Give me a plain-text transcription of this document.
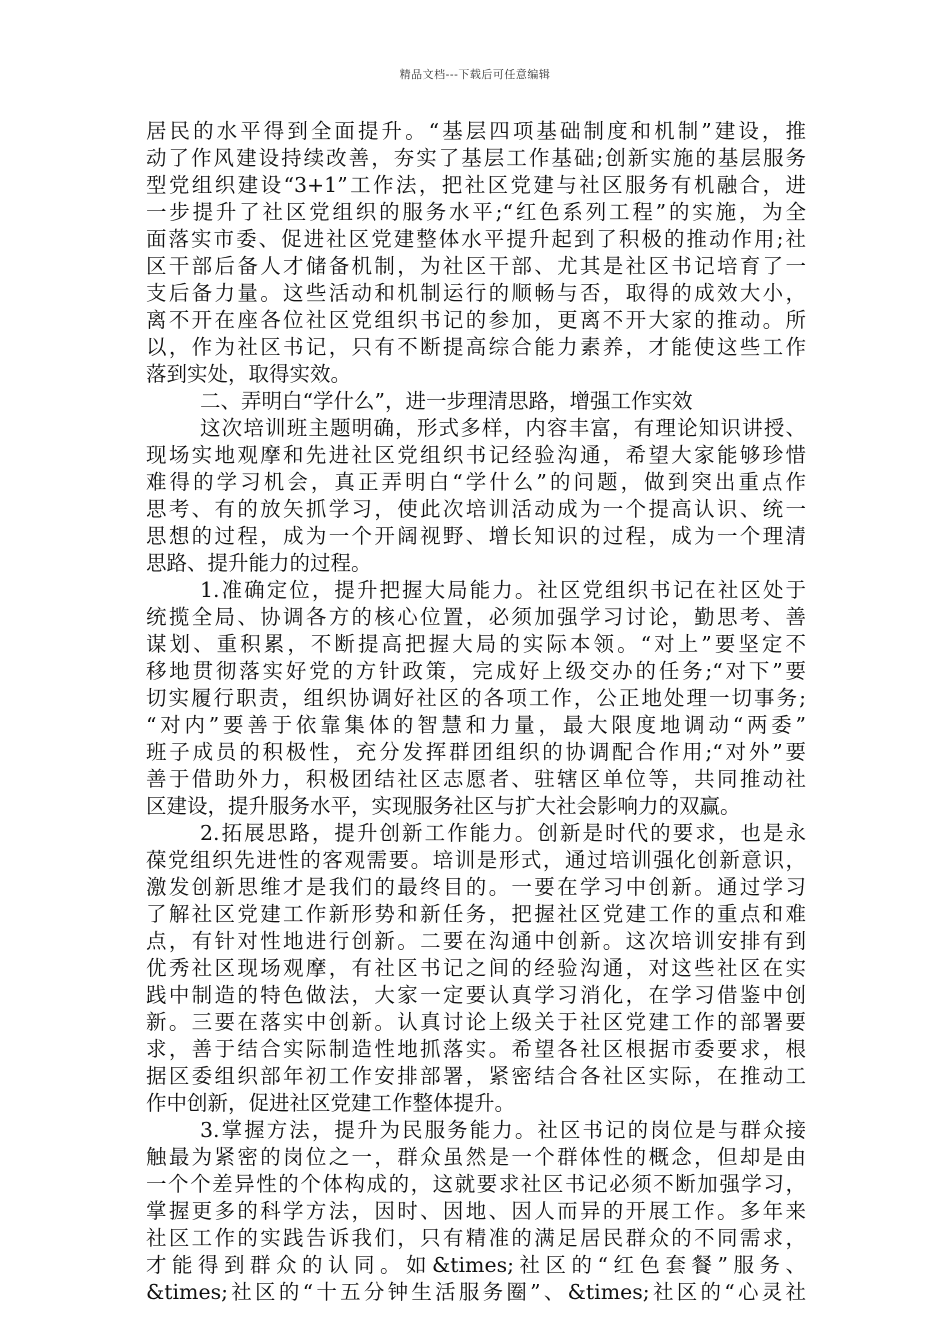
精品文档---下载后可任意编辑
居民的水平得到全面提升。“基层四项基础制度和机制”建设，推
动了作风建设持续改善，夯实了基层工作基础;创新实施的基层服务
型党组织建设“3+1”工作法，把社区党建与社区服务有机融合，进
一步提升了社区党组织的服务水平;“红色系列工程”的实施，为全
面落实市委、促进社区党建整体水平提升起到了积极的推动作用;社
区干部后备人才储备机制，为社区干部、尤其是社区书记培育了一
支后备力量。这些活动和机制运行的顺畅与否，取得的成效大小，
离不开在座各位社区党组织书记的参加，更离不开大家的推动。所
以，作为社区书记，只有不断提高综合能力素养，才能使这些工作
落到实处，取得实效。
二、弄明白“学什么”，进一步理清思路，增强工作实效
这次培训班主题明确，形式多样，内容丰富，有理论知识讲授、
现场实地观摩和先进社区党组织书记经验沟通，希望大家能够珍惜
难得的学习机会，真正弄明白“学什么”的问题，做到突出重点作
思考、有的放矢抓学习，使此次培训活动成为一个提高认识、统一
思想的过程，成为一个开阔视野、增长知识的过程，成为一个理清
思路、提升能力的过程。
1.准确定位，提升把握大局能力。社区党组织书记在社区处于
统揽全局、协调各方的核心位置，必须加强学习讨论，勤思考、善
谋划、重积累，不断提高把握大局的实际本领。“对上”要坚定不
移地贯彻落实好党的方针政策，完成好上级交办的任务;“对下”要
切实履行职责，组织协调好社区的各项工作，公正地处理一切事务;
“对内”要善于依靠集体的智慧和力量，最大限度地调动“两委”
班子成员的积极性，充分发挥群团组织的协调配合作用;“对外”要
善于借助外力，积极团结社区志愿者、驻辖区单位等，共同推动社
区建设，提升服务水平，实现服务社区与扩大社会影响力的双赢。
2.拓展思路，提升创新工作能力。创新是时代的要求，也是永
葆党组织先进性的客观需要。培训是形式，通过培训强化创新意识，
激发创新思维才是我们的最终目的。一要在学习中创新。通过学习
了解社区党建工作新形势和新任务，把握社区党建工作的重点和难
点，有针对性地进行创新。二要在沟通中创新。这次培训安排有到
优秀社区现场观摩，有社区书记之间的经验沟通，对这些社区在实
践中制造的特色做法，大家一定要认真学习消化，在学习借鉴中创
新。三要在落实中创新。认真讨论上级关于社区党建工作的部署要
求，善于结合实际制造性地抓落实。希望各社区根据市委要求，根
据区委组织部年初工作安排部署，紧密结合各社区实际，在推动工
作中创新，促进社区党建工作整体提升。
3.掌握方法，提升为民服务能力。社区书记的岗位是与群众接
触最为紧密的岗位之一，群众虽然是一个群体性的概念，但却是由
一个个差异性的个体构成的，这就要求社区书记必须不断加强学习，
掌握更多的科学方法，因时、因地、因人而异的开展工作。多年来
社区工作的实践告诉我们，只有精准的满足居民群众的不同需求，
才能得到群众的认同。如&times;社区的“红色套餐”服务、
&times;社区的“十五分钟生活服务圈”、&times;社区的“心灵社
